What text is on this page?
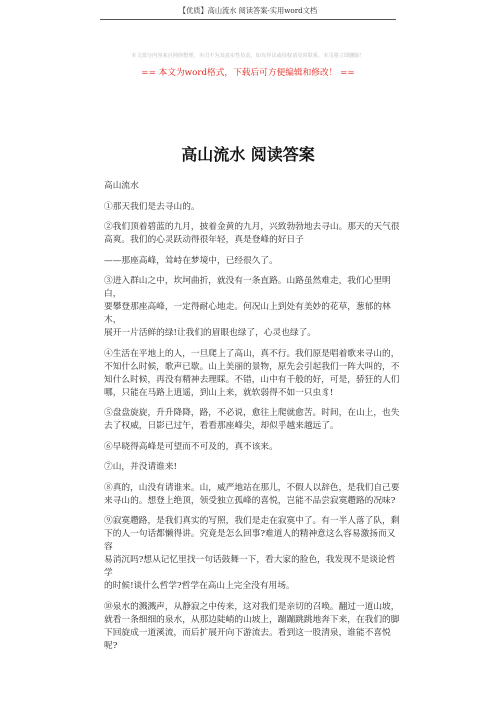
【优质】高山流水 阅读答案-实用word文档
本文部分内容来自网络整理，本司不为其真实性负责，如有异议或侵权请及时联系，本司将立即删除！
== 本文为word格式，下载后可方便编辑和修改！ ==
高山流水 阅读答案

高山流水

①那天我们是去寻山的。

②我们顶着碧蓝的九月，披着金黄的九月，兴致勃勃地去寻山。那天的天气很
高爽。我们的心灵跃动得很年轻，真是登峰的好日子

——那座高峰，耸峙在梦境中，已经很久了。

③进入群山之中，坎坷曲折，就没有一条直路。山路虽然难走，我们心里明白，
要攀登那座高峰，一定得耐心地走。何况山上到处有美妙的花草，葱郁的林木，
展开一片活鲜的绿!让我们的眉眼也绿了，心灵也绿了。

④生活在平地上的人，一旦爬上了高山，真不行。我们原是唱着歌来寻山的，
不知什么时候，歌声已歇。山上美丽的景物，原先会引起我们一阵大叫的，不
知什么时候，再没有精神去理睬。不错，山中有千般的好，可是，骄狂的人们
哪，只能在马路上逍遥，到山上来，就软弱得不如一只虫豸!

⑤盘盘旋旋，升升降降，路，不必说，愈往上爬就愈苦。时间，在山上，也失
去了权威，日影已过午，看看那座峰尖，却似乎越来越远了。

⑥早晓得高峰是可望而不可及的，真不该来。

⑦山，并没请谁来!

⑧真的，山没有请谁来。山，威严地站在那儿，不假人以辞色，是我们自己要
来寻山的。想登上绝顶，领受独立孤峰的喜悦，岂能不品尝寂寞趱路的况味?

⑨寂寞趱路，是我们真实的写照，我们是走在寂寞中了。有一半人落了队，剩
下的人一句话都懒得讲。究竟是怎么回事?难道人的精神意这么容易激扬而又容
易消沉吗?想从记忆里找一句话鼓舞一下，看大家的脸色，我发现不是谈论哲学
的时候!谈什么哲学?哲学在高山上完全没有用场。

⑩泉水的溅溅声，从静寂之中传来，这对我们是亲切的召唤。翻过一道山坡，
就看一条细细的泉水，从那边陡峭的山坡上，蹦蹦跳跳地奔下来，在我们的脚
下回旋成一道溪流，而后扩展开向下游流去。看到这一股清泉，谁能不喜悦呢?
